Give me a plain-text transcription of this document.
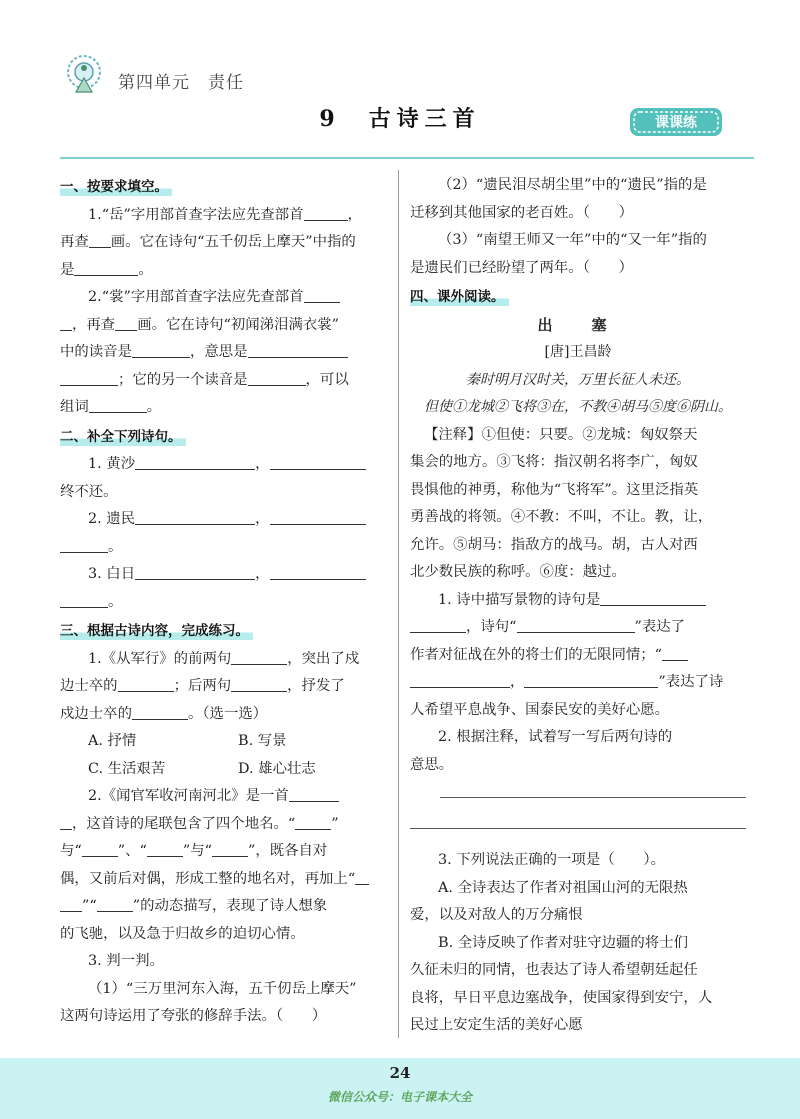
第四单元　责任
9　古诗三首	课课练
一、按要求填空。
1.“岳”字用部首查字法应先查部首	，
再查 画。它在诗句“五千仞岳上摩天”中指的
是	。
2.“裳”字用部首查字法应先查部首
，再查 画。它在诗句“初闻涕泪满衣裳”
中的读音是	，意思是
；它的另一个读音是	，可以
组词	。
二、补全下列诗句。
1. 黄沙	，
终不还。
2. 遗民	，
。
3. 白日	，
。
三、根据古诗内容，完成练习。
1.《从军行》的前两句	，突出了戍
边士卒的	；后两句	，抒发了
戍边士卒的	。（选一选）
A. 抒情	B. 写景
C. 生活艰苦	D. 雄心壮志
2.《闻官军收河南河北》是一首
，这首诗的尾联包含了四个地名。“	”
与“	”、“	”与“	”，既各自对
偶，又前后对偶，形成工整的地名对，再加上“
”“	”的动态描写，表现了诗人想象
的飞驰，以及急于归故乡的迫切心情。
3. 判一判。
（1）“三万里河东入海，五千仞岳上摩天”
这两句诗运用了夸张的修辞手法。（　　）
（2）“遗民泪尽胡尘里”中的“遗民”指的是
迁移到其他国家的老百姓。（　　）
（3）“南望王师又一年”中的“又一年”指的
是遗民们已经盼望了两年。（　　）
四、课外阅读。
出　塞
[唐]王昌龄
秦时明月汉时关，万里长征人未还。
但使①龙城②飞将③在，不教④胡马⑤度⑥阴山。
【注释】①但使：只要。②龙城：匈奴祭天
集会的地方。③飞将：指汉朝名将李广，匈奴
畏惧他的神勇，称他为“飞将军”。这里泛指英
勇善战的将领。④不教：不叫，不让。教，让，
允许。⑤胡马：指敌方的战马。胡，古人对西
北少数民族的称呼。⑥度：越过。
1. 诗中描写景物的诗句是
，诗句“	”表达了
作者对征战在外的将士们的无限同情；“
，	”表达了诗
人希望平息战争、国泰民安的美好心愿。
2. 根据注释，试着写一写后两句诗的
意思。
3. 下列说法正确的一项是（　　）。
A. 全诗表达了作者对祖国山河的无限热
爱，以及对敌人的万分痛恨
B. 全诗反映了作者对驻守边疆的将士们
久征未归的同情，也表达了诗人希望朝廷起任
良将，早日平息边塞战争，使国家得到安宁，人
民过上安定生活的美好心愿
24
微信公众号：电子课本大全
